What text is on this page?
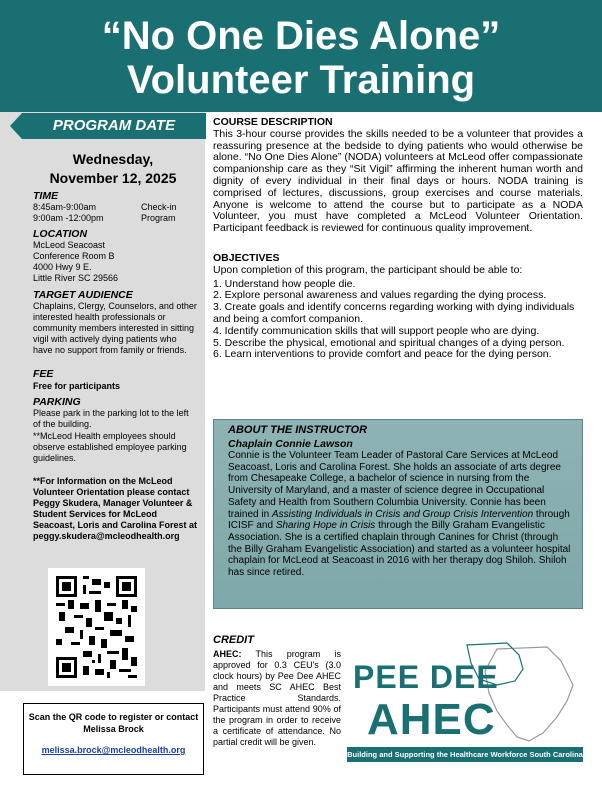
“No One Dies Alone”
Volunteer Training
PROGRAM DATE
Wednesday,
November 12, 2025
TIME
8:45am-9:00am	Check-in
9:00am -12:00pm	Program
LOCATION
McLeod Seacoast
Conference Room B
4000 Hwy 9 E.
Little River SC 29566
TARGET AUDIENCE
Chaplains, Clergy, Counselors, and other interested health professionals or community members interested in sitting vigil with actively dying patients who have no support from family or friends.
FEE
Free for participants
PARKING
Please park in the parking lot to the left of the building.
**McLeod Health employees should observe established employee parking guidelines.
**For Information on the McLeod Volunteer Orientation please contact Peggy Skudera, Manager Volunteer & Student Services for McLeod Seacoast, Loris and Carolina Forest at peggy.skudera@mcleodhealth.org
Scan the QR code to register or contact Melissa Brock
melissa.brock@mcleodhealth.org
COURSE DESCRIPTION
This 3-hour course provides the skills needed to be a volunteer that provides a reassuring presence at the bedside to dying patients who would otherwise be alone. “No One Dies Alone” (NODA) volunteers at McLeod offer compassionate companionship care as they “Sit Vigil” affirming the inherent human worth and dignity of every individual in their final days or hours. NODA training is comprised of lectures, discussions, group exercises and course materials. Anyone is welcome to attend the course but to participate as a NODA Volunteer, you must have completed a McLeod Volunteer Orientation. Participant feedback is reviewed for continuous quality improvement.
OBJECTIVES
Upon completion of this program, the participant should be able to:
1. Understand how people die.
2. Explore personal awareness and values regarding the dying process.
3. Create goals and identify concerns regarding working with dying individuals and being a comfort companion.
4. Identify communication skills that will support people who are dying.
5. Describe the physical, emotional and spiritual changes of a dying person.
6. Learn interventions to provide comfort and peace for the dying person.
ABOUT THE INSTRUCTOR
Chaplain Connie Lawson
Connie is the Volunteer Team Leader of Pastoral Care Services at McLeod Seacoast, Loris and Carolina Forest. She holds an associate of arts degree from Chesapeake College, a bachelor of science in nursing from the University of Maryland, and a master of science degree in Occupational Safety and Health from Southern Columbia University. Connie has been trained in Assisting Individuals in Crisis and Group Crisis Intervention through ICISF and Sharing Hope in Crisis through the Billy Graham Evangelistic Association. She is a certified chaplain through Canines for Christ (through the Billy Graham Evangelistic Association) and started as a volunteer hospital chaplain for McLeod at Seacoast in 2016 with her therapy dog Shiloh. Shiloh has since retired.
CREDIT
AHEC: This program is approved for 0.3 CEU's (3.0 clock hours) by Pee Dee AHEC and meets SC AHEC Best Practice Standards. Participants must attend 90% of the program in order to receive a certificate of attendance. No partial credit will be given.
PEE DEE
AHEC
Building and Supporting the Healthcare Workforce South Carolina Needs
